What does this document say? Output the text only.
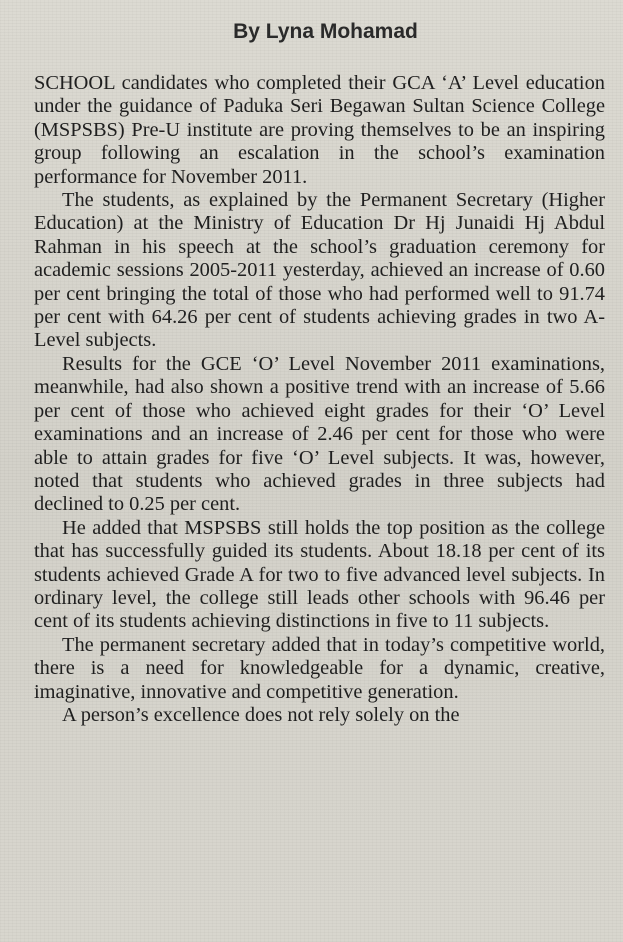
By Lyna Mohamad

SCHOOL candidates who completed their GCA ‘A’ Level education under the guidance of Paduka Seri Begawan Sultan Science College (MSPSBS) Pre-U institute are proving themselves to be an inspiring group following an escalation in the school’s examination performance for November 2011.

The students, as explained by the Permanent Secretary (Higher Education) at the Ministry of Education Dr Hj Junaidi Hj Abdul Rahman in his speech at the school’s graduation ceremony for academic sessions 2005-2011 yesterday, achieved an increase of 0.60 per cent bringing the total of those who had performed well to 91.74 per cent with 64.26 per cent of students achieving grades in two A-Level subjects.

Results for the GCE ‘O’ Level November 2011 examinations, meanwhile, had also shown a positive trend with an increase of 5.66 per cent of those who achieved eight grades for their ‘O’ Level examinations and an increase of 2.46 per cent for those who were able to attain grades for five ‘O’ Level subjects. It was, however, noted that students who achieved grades in three subjects had declined to 0.25 per cent.

He added that MSPSBS still holds the top position as the college that has successfully guided its students. About 18.18 per cent of its students achieved Grade A for two to five advanced level subjects. In ordinary level, the college still leads other schools with 96.46 per cent of its students achieving distinctions in five to 11 subjects.

The permanent secretary added that in today’s competitive world, there is a need for knowledgeable for a dynamic, creative, imaginative, innovative and competitive generation.

A person’s excellence does not rely solely on the
